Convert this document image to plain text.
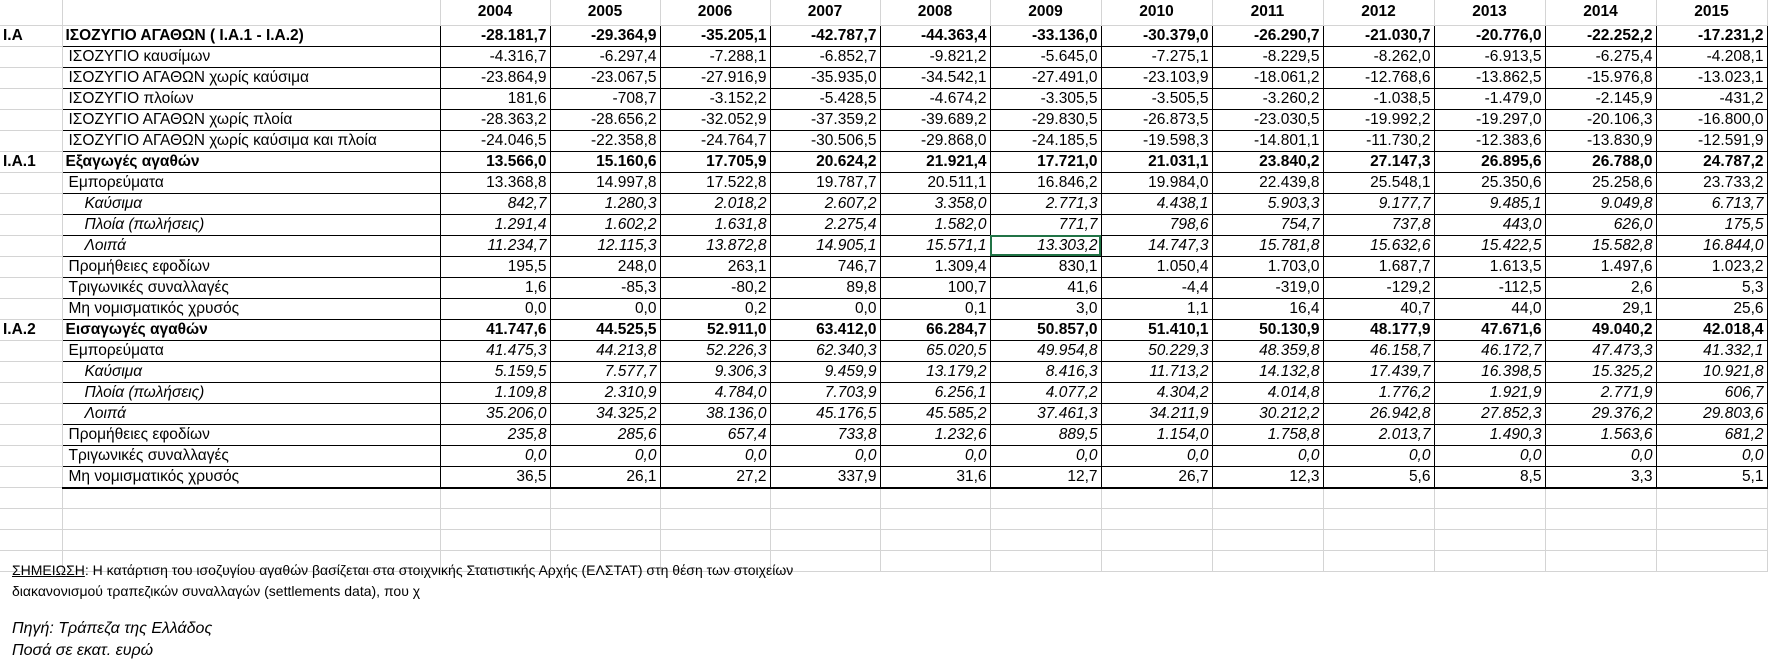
		2004	2005	2006	2007	2008	2009	2010	2011	2012	2013	2014	2015
I.A	ΙΣΟΖΥΓΙΟ ΑΓΑΘΩΝ ( I.A.1 - I.A.2)	-28.181,7	-29.364,9	-35.205,1	-42.787,7	-44.363,4	-33.136,0	-30.379,0	-26.290,7	-21.030,7	-20.776,0	-22.252,2	-17.231,2
	ΙΣΟΖΥΓΙΟ καυσίμων	-4.316,7	-6.297,4	-7.288,1	-6.852,7	-9.821,2	-5.645,0	-7.275,1	-8.229,5	-8.262,0	-6.913,5	-6.275,4	-4.208,1
	ΙΣΟΖΥΓΙΟ ΑΓΑΘΩΝ χωρίς καύσιμα	-23.864,9	-23.067,5	-27.916,9	-35.935,0	-34.542,1	-27.491,0	-23.103,9	-18.061,2	-12.768,6	-13.862,5	-15.976,8	-13.023,1
	ΙΣΟΖΥΓΙΟ πλοίων	181,6	-708,7	-3.152,2	-5.428,5	-4.674,2	-3.305,5	-3.505,5	-3.260,2	-1.038,5	-1.479,0	-2.145,9	-431,2
	ΙΣΟΖΥΓΙΟ ΑΓΑΘΩΝ χωρίς πλοία	-28.363,2	-28.656,2	-32.052,9	-37.359,2	-39.689,2	-29.830,5	-26.873,5	-23.030,5	-19.992,2	-19.297,0	-20.106,3	-16.800,0
	ΙΣΟΖΥΓΙΟ ΑΓΑΘΩΝ χωρίς καύσιμα και πλοία	-24.046,5	-22.358,8	-24.764,7	-30.506,5	-29.868,0	-24.185,5	-19.598,3	-14.801,1	-11.730,2	-12.383,6	-13.830,9	-12.591,9
I.A.1	Εξαγωγές αγαθών	13.566,0	15.160,6	17.705,9	20.624,2	21.921,4	17.721,0	21.031,1	23.840,2	27.147,3	26.895,6	26.788,0	24.787,2
	Εμπορεύματα	13.368,8	14.997,8	17.522,8	19.787,7	20.511,1	16.846,2	19.984,0	22.439,8	25.548,1	25.350,6	25.258,6	23.733,2
	Καύσιμα	842,7	1.280,3	2.018,2	2.607,2	3.358,0	2.771,3	4.438,1	5.903,3	9.177,7	9.485,1	9.049,8	6.713,7
	Πλοία (πωλήσεις)	1.291,4	1.602,2	1.631,8	2.275,4	1.582,0	771,7	798,6	754,7	737,8	443,0	626,0	175,5
	Λοιπά	11.234,7	12.115,3	13.872,8	14.905,1	15.571,1	13.303,2	14.747,3	15.781,8	15.632,6	15.422,5	15.582,8	16.844,0
	Προμήθειες εφοδίων	195,5	248,0	263,1	746,7	1.309,4	830,1	1.050,4	1.703,0	1.687,7	1.613,5	1.497,6	1.023,2
	Τριγωνικές συναλλαγές	1,6	-85,3	-80,2	89,8	100,7	41,6	-4,4	-319,0	-129,2	-112,5	2,6	5,3
	Μη νομισματικός χρυσός	0,0	0,0	0,2	0,0	0,1	3,0	1,1	16,4	40,7	44,0	29,1	25,6
I.A.2	Εισαγωγές αγαθών	41.747,6	44.525,5	52.911,0	63.412,0	66.284,7	50.857,0	51.410,1	50.130,9	48.177,9	47.671,6	49.040,2	42.018,4
	Εμπορεύματα	41.475,3	44.213,8	52.226,3	62.340,3	65.020,5	49.954,8	50.229,3	48.359,8	46.158,7	46.172,7	47.473,3	41.332,1
	Καύσιμα	5.159,5	7.577,7	9.306,3	9.459,9	13.179,2	8.416,3	11.713,2	14.132,8	17.439,7	16.398,5	15.325,2	10.921,8
	Πλοία (πωλήσεις)	1.109,8	2.310,9	4.784,0	7.703,9	6.256,1	4.077,2	4.304,2	4.014,8	1.776,2	1.921,9	2.771,9	606,7
	Λοιπά	35.206,0	34.325,2	38.136,0	45.176,5	45.585,2	37.461,3	34.211,9	30.212,2	26.942,8	27.852,3	29.376,2	29.803,6
	Προμήθειες εφοδίων	235,8	285,6	657,4	733,8	1.232,6	889,5	1.154,0	1.758,8	2.013,7	1.490,3	1.563,6	681,2
	Τριγωνικές συναλλαγές	0,0	0,0	0,0	0,0	0,0	0,0	0,0	0,0	0,0	0,0	0,0	0,0
	Μη νομισματικός χρυσός	36,5	26,1	27,2	337,9	31,6	12,7	26,7	12,3	5,6	8,5	3,3	5,1

ΣΗΜΕΙΩΣΗ: Η κατάρτιση του ισοζυγίου αγαθών βασίζεται στα στοιχνικής Στατιστικής Αρχής (ΕΛΣΤΑΤ) στη θέση των στοιχείων
διακανονισμού τραπεζικών συναλλαγών (settlements data), που χ
Πηγή: Τράπεζα της Ελλάδος
Ποσά σε εκατ. ευρώ
